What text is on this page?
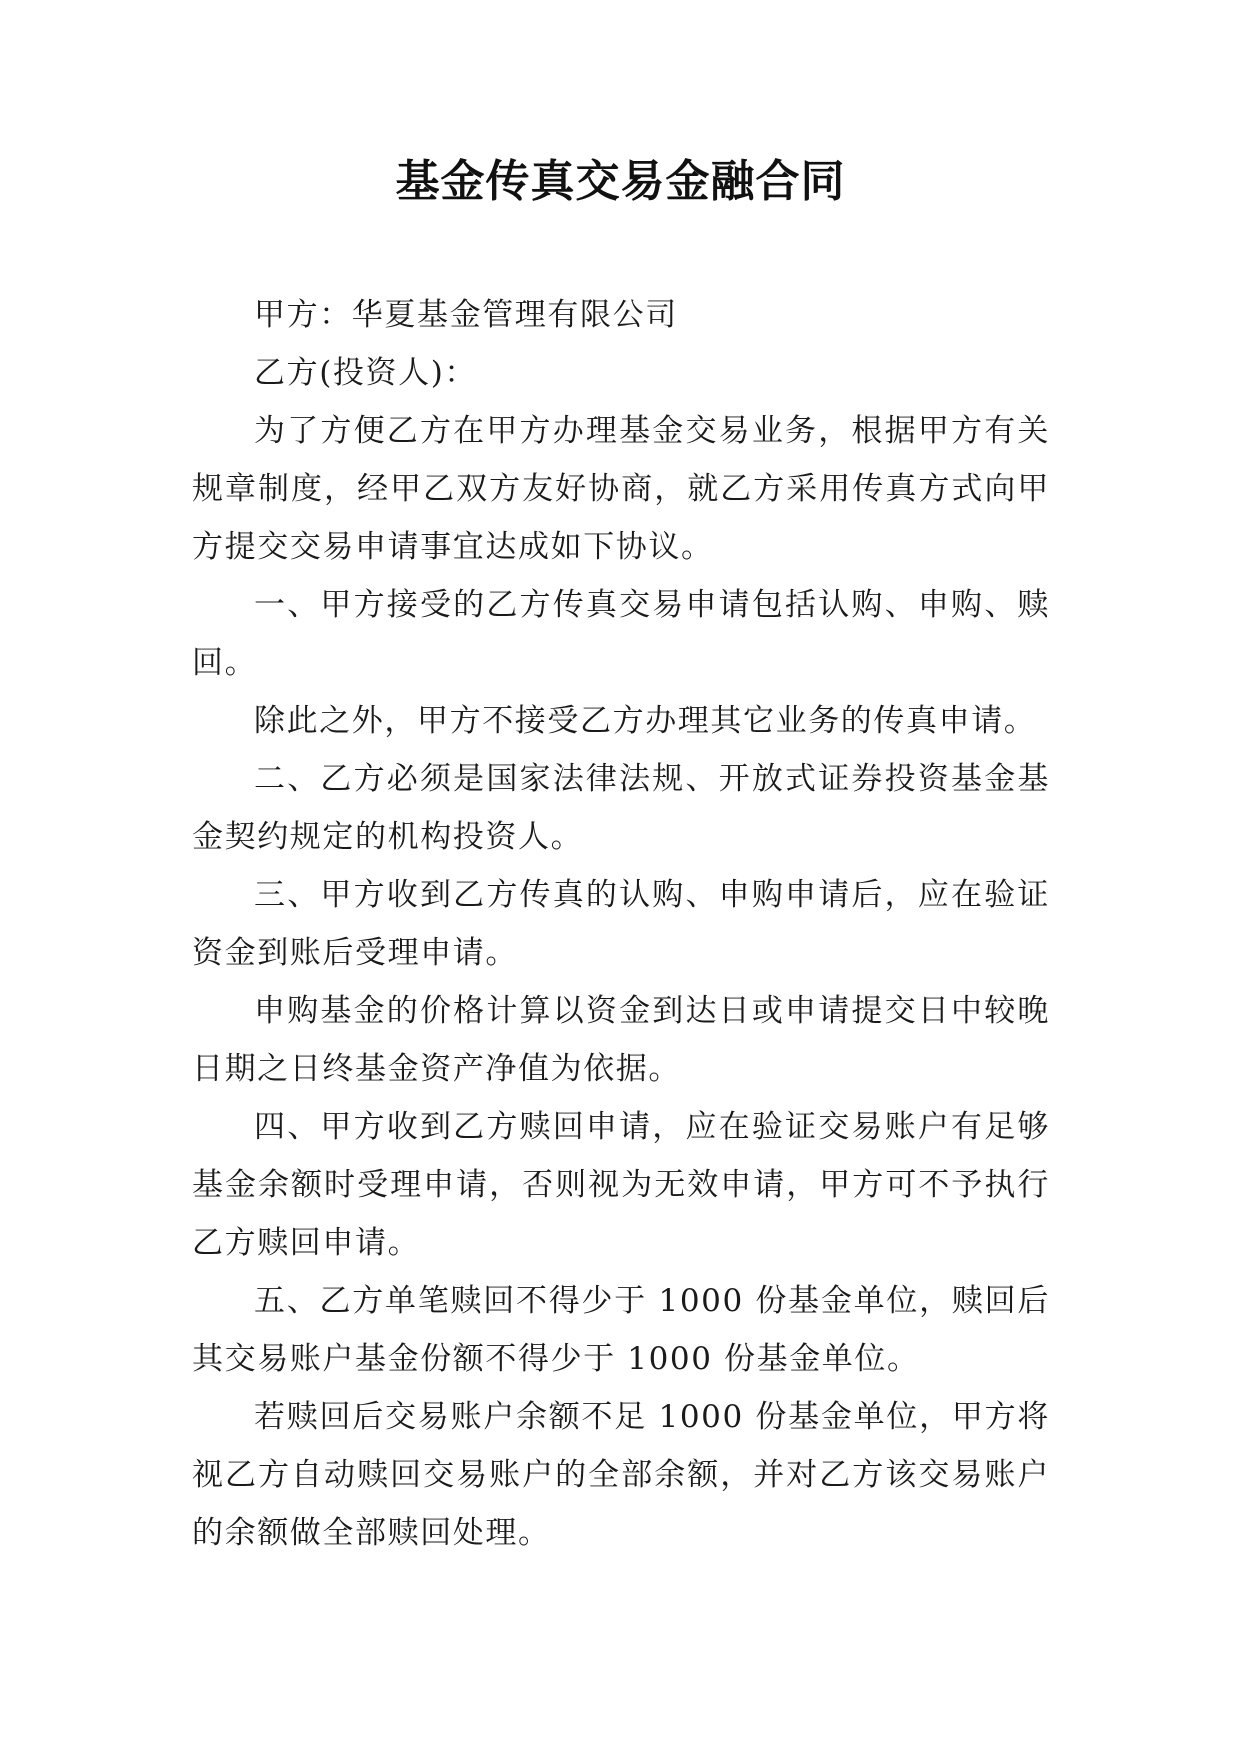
基金传真交易金融合同

甲方：华夏基金管理有限公司

乙方(投资人)：

为了方便乙方在甲方办理基金交易业务，根据甲方有关规章制度，经甲乙双方友好协商，就乙方采用传真方式向甲方提交交易申请事宜达成如下协议。

一、甲方接受的乙方传真交易申请包括认购、申购、赎回。

除此之外，甲方不接受乙方办理其它业务的传真申请。

二、乙方必须是国家法律法规、开放式证券投资基金基金契约规定的机构投资人。

三、甲方收到乙方传真的认购、申购申请后，应在验证资金到账后受理申请。

申购基金的价格计算以资金到达日或申请提交日中较晚日期之日终基金资产净值为依据。

四、甲方收到乙方赎回申请，应在验证交易账户有足够基金余额时受理申请，否则视为无效申请，甲方可不予执行乙方赎回申请。

五、乙方单笔赎回不得少于 1000 份基金单位，赎回后其交易账户基金份额不得少于 1000 份基金单位。

若赎回后交易账户余额不足 1000 份基金单位，甲方将视乙方自动赎回交易账户的全部余额，并对乙方该交易账户的余额做全部赎回处理。
